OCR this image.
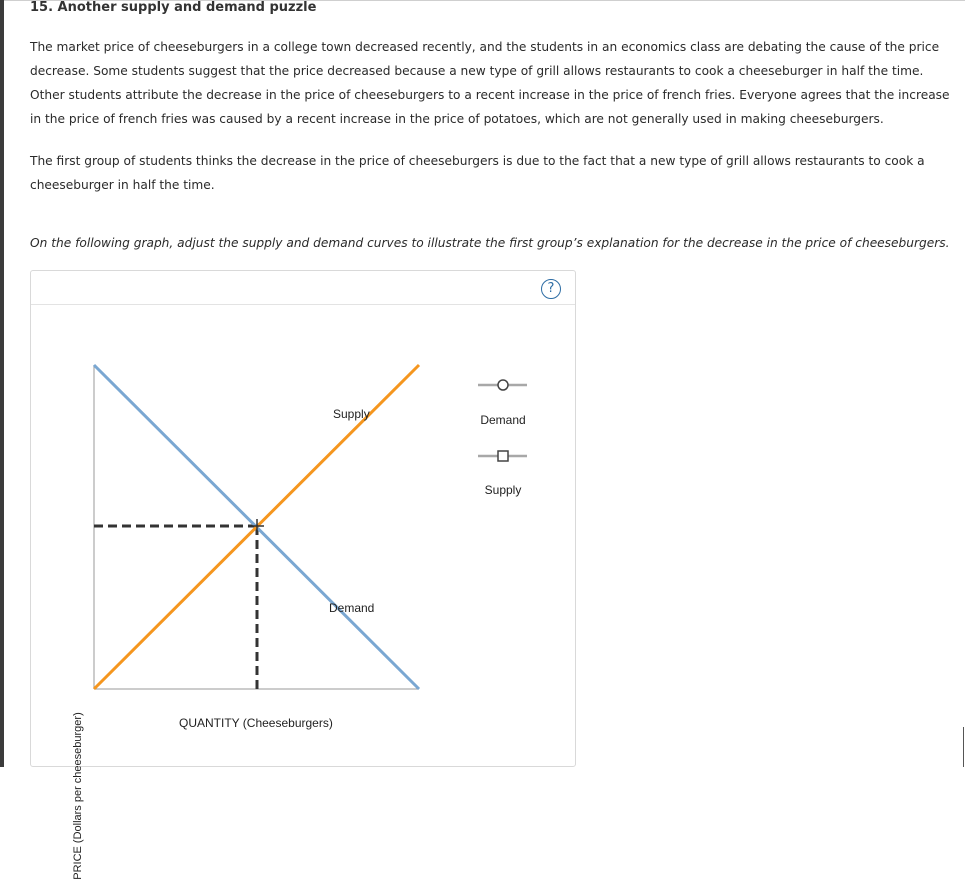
15. Another supply and demand puzzle

The market price of cheeseburgers in a college town decreased recently, and the students in an economics class are debating the cause of the price decrease. Some students suggest that the price decreased because a new type of grill allows restaurants to cook a cheeseburger in half the time. Other students attribute the decrease in the price of cheeseburgers to a recent increase in the price of french fries. Everyone agrees that the increase in the price of french fries was caused by a recent increase in the price of potatoes, which are not generally used in making cheeseburgers.

The first group of students thinks the decrease in the price of cheeseburgers is due to the fact that a new type of grill allows restaurants to cook a cheeseburger in half the time.

On the following graph, adjust the supply and demand curves to illustrate the first group’s explanation for the decrease in the price of cheeseburgers.
?
Supply
Demand
QUANTITY (Cheeseburgers)
Demand
Supply
PRICE (Dollars per cheeseburger)
